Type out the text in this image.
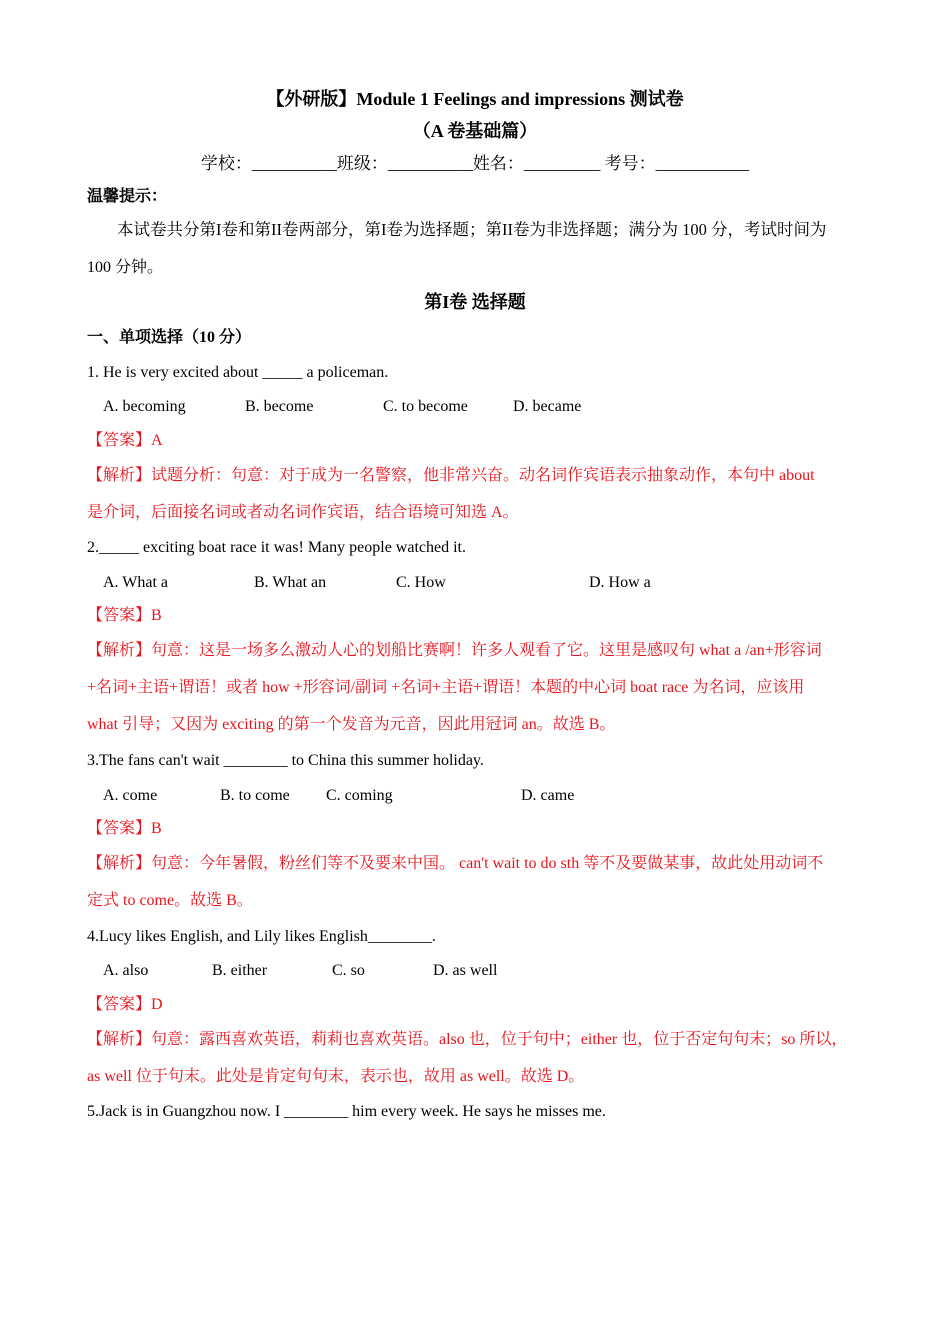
【外研版】Module 1 Feelings and impressions 测试卷
（A 卷基础篇）
学校：__________班级：__________姓名：_________ 考号：___________
温馨提示：
本试卷共分第I卷和第II卷两部分，第I卷为选择题；第II卷为非选择题；满分为 100 分，考试时间为
100 分钟。
第I卷 选择题
一、单项选择（10 分）
1. He is very excited about _____ a policeman.
A. becoming	B. become	C. to become	D. became
【答案】A
【解析】试题分析：句意：对于成为一名警察，他非常兴奋。动名词作宾语表示抽象动作，本句中 about
是介词，后面接名词或者动名词作宾语，结合语境可知选 A。
2._____ exciting boat race it was! Many people watched it.
A. What a	B. What an	C. How	D. How a
【答案】B
【解析】句意：这是一场多么激动人心的划船比赛啊！许多人观看了它。这里是感叹句 what a /an+形容词
+名词+主语+谓语！或者 how +形容词/副词 +名词+主语+谓语！本题的中心词 boat race 为名词，应该用
what 引导；又因为 exciting 的第一个发音为元音，因此用冠词 an。故选 B。
3.The fans can't wait ________ to China this summer holiday.
A. come	B. to come C. coming	D. came
【答案】B
【解析】句意：今年暑假，粉丝们等不及要来中国。 can't wait to do sth 等不及要做某事，故此处用动词不
定式 to come。故选 B。
4.Lucy likes English, and Lily likes English________.
A. also	B. either	C. so	D. as well
【答案】D
【解析】句意：露西喜欢英语，莉莉也喜欢英语。also 也，位于句中；either 也，位于否定句句末；so 所以，
as well 位于句末。此处是肯定句句末，表示也，故用 as well。故选 D。
5.Jack is in Guangzhou now. I ________ him every week. He says he misses me.
